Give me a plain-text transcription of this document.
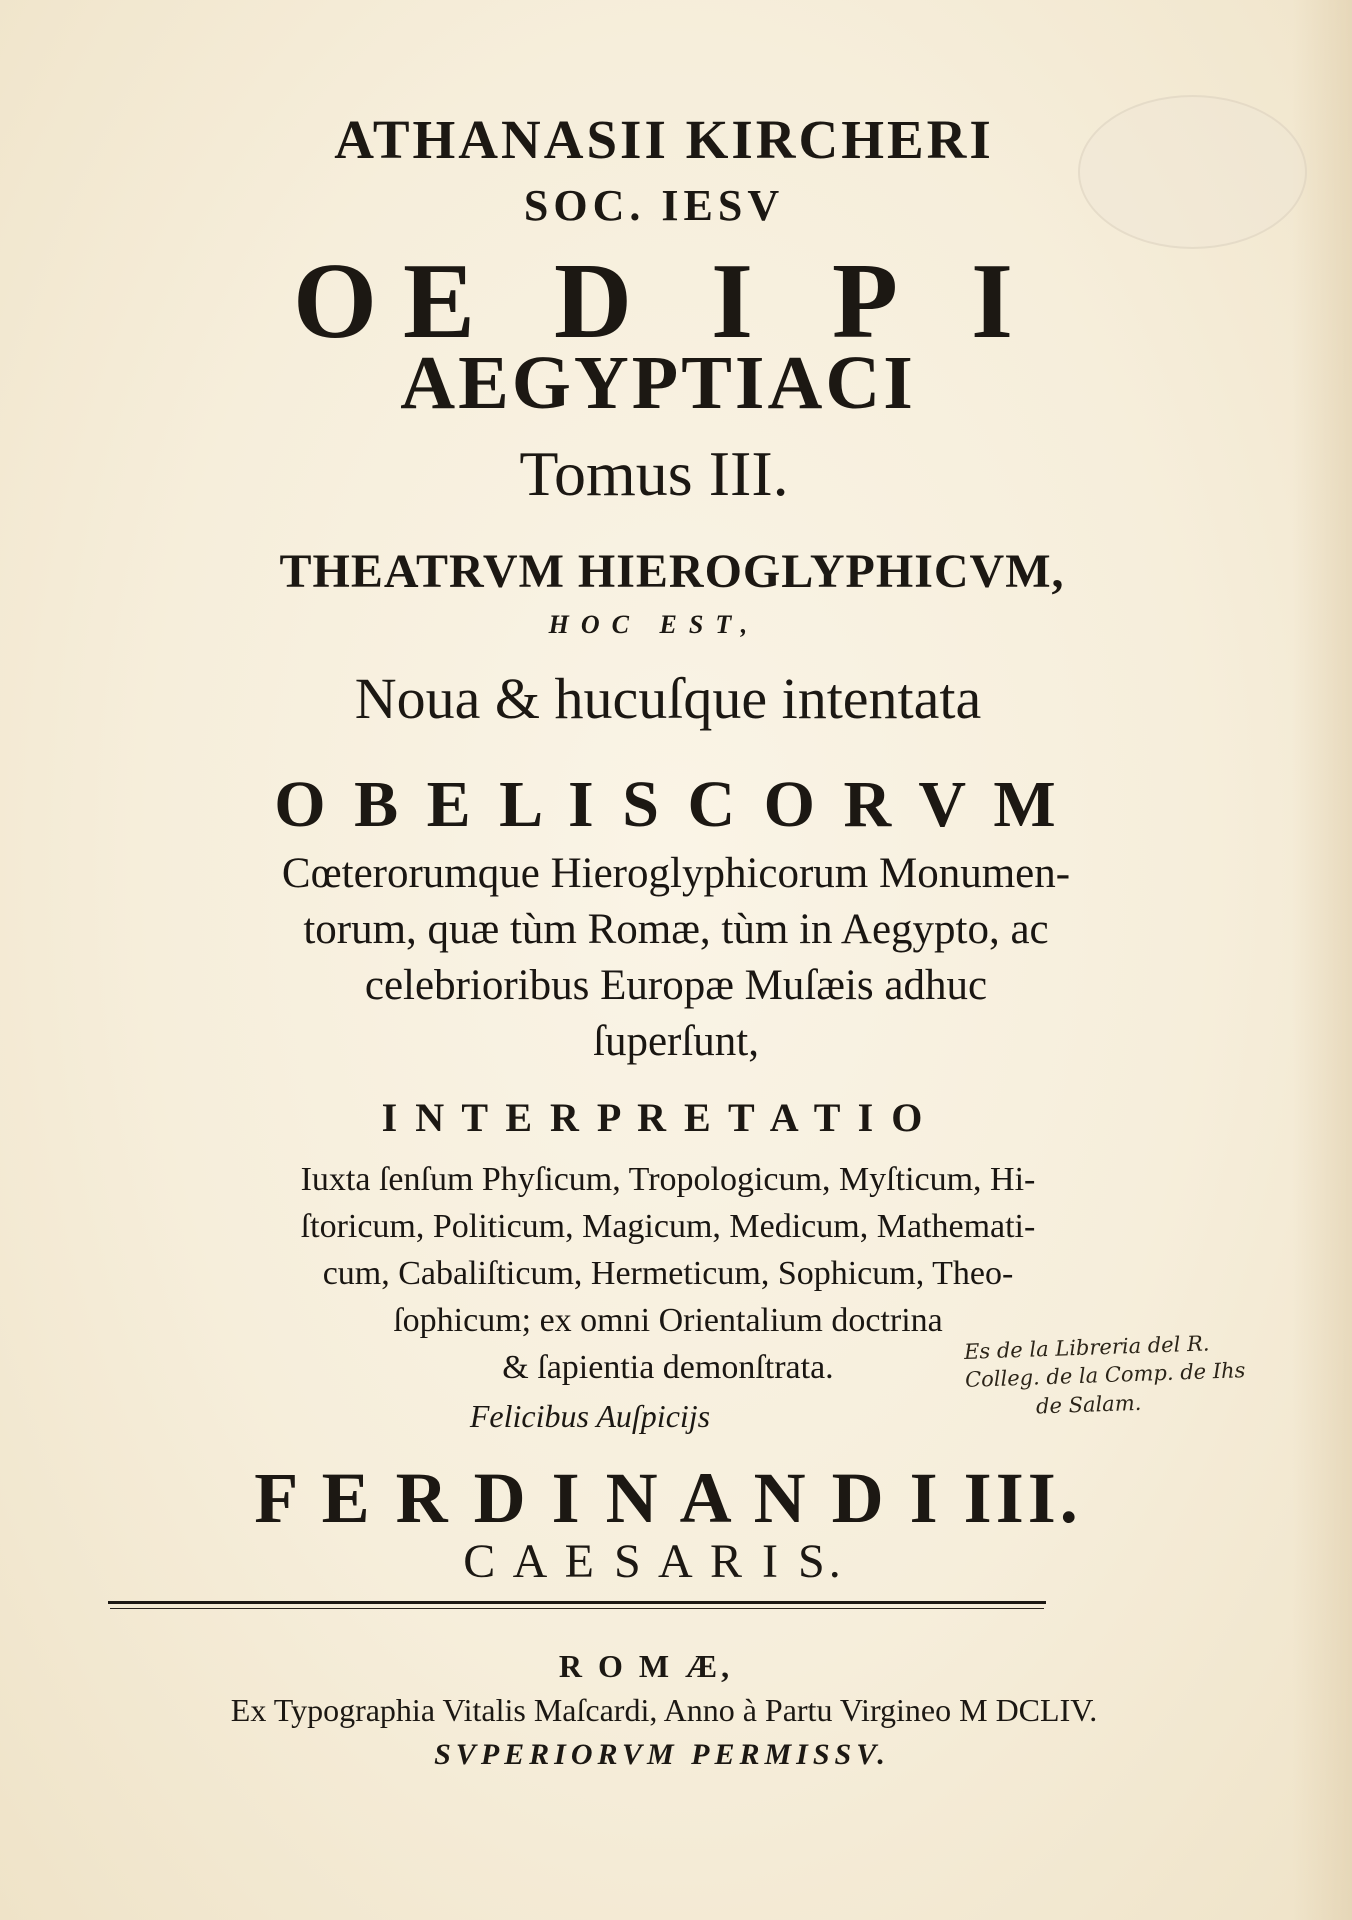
ATHANASII KIRCHERI
SOC. IESV
OE D I P I
AEGYPTIACI
Tomus III.
THEATRVM HIEROGLYPHICVM,
HOC EST,
Noua & hucuſque intentata
O B E L I S C O R V M
Cœterorumque Hieroglyphicorum Monumen-
torum, quæ tùm Romæ, tùm in Aegypto, ac
celebrioribus Europæ Muſæis adhuc
ſuperſunt,
I N T E R P R E T A T I O
Iuxta ſenſum Phyſicum, Tropologicum, Myſticum, Hi-
ſtoricum, Politicum, Magicum, Medicum, Mathemati-
cum, Cabaliſticum, Hermeticum, Sophicum, Theo-
ſophicum; ex omni Orientalium doctrina
& ſapientia demonſtrata.
Felicibus Auſpicijs
F E R D I N A N D I III.
C A E S A R I S.
R O M Æ,
Ex Typographia Vitalis Maſcardi, Anno à Partu Virgineo M DCLIV.
SVPERIORVM PERMISSV.
Es de la Libreria del R.
Colleg. de la Comp. de Ihs
de Salam.
